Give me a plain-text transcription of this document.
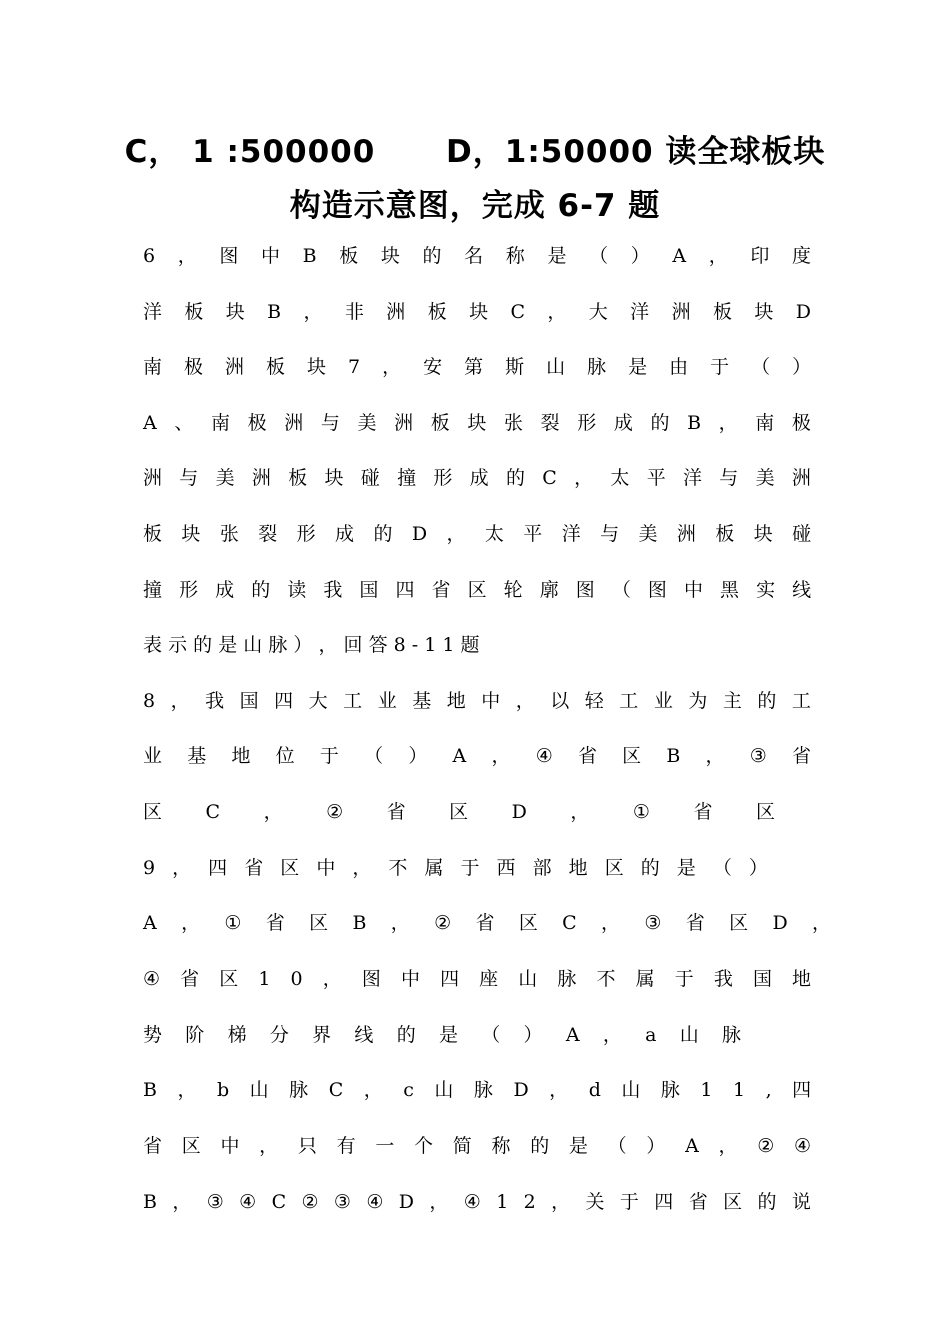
C， 1 :500000      D，1:50000 读全球板块
构造示意图，完成 6-7 题
6 ， 图 中 B 板 块 的 名 称 是 （ ） A ， 印 度
洋 板 块 B ， 非 洲 板 块 C ， 大 洋 洲 板 块 D
南 极 洲 板 块 7 ， 安 第 斯 山 脉 是 由 于 （ ）
A 、 南 极 洲 与 美 洲 板 块 张 裂 形 成 的 B ， 南 极
洲 与 美 洲 板 块 碰 撞 形 成 的 C ， 太 平 洋 与 美 洲
板 块 张 裂 形 成 的 D ， 太 平 洋 与 美 洲 板 块 碰
撞 形 成 的 读 我 国 四 省 区 轮 廓 图 （ 图 中 黑 实 线
表 示 的 是 山 脉 ） ， 回 答 8 - 1 1 题
8 ， 我 国 四 大 工 业 基 地 中 ， 以 轻 工 业 为 主 的 工
业 基 地 位 于 （ ） A ， ④ 省 区 B ， ③ 省
区 C ， ② 省 区 D ， ① 省 区
9 ， 四 省 区 中 ， 不 属 于 西 部 地 区 的 是 （ ）
A ， ① 省 区 B ， ② 省 区 C ， ③ 省 区 D ，
④ 省 区 1 0 ， 图 中 四 座 山 脉 不 属 于 我 国 地
势 阶 梯 分 界 线 的 是 （ ） A ， a 山 脉
B ， b 山 脉 C ， c 山 脉 D ， d 山 脉 1 1 , 四
省 区 中 ， 只 有 一 个 简 称 的 是 （ ） A ， ② ④
B ， ③ ④ C ② ③ ④ D ， ④ 1 2 ， 关 于 四 省 区 的 说
